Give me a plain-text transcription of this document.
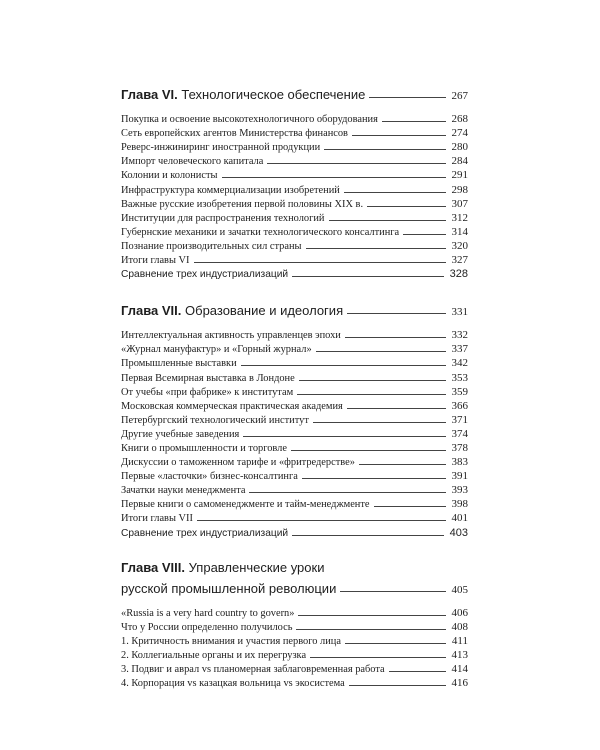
Глава VI. Технологическое обеспечение	267
Покупка и освоение высокотехнологичного оборудования	268
Сеть европейских агентов Министерства финансов	274
Реверс-инжиниринг иностранной продукции	280
Импорт человеческого капитала	284
Колонии и колонисты	291
Инфраструктура коммерциализации изобретений	298
Важные русские изобретения первой половины XIX в.	307
Институции для распространения технологий	312
Губернские механики и зачатки технологического консалтинга	314
Познание производительных сил страны	320
Итоги главы VI	327
Сравнение трех индустриализаций	328
Глава VII. Образование и идеология	331
Интеллектуальная активность управленцев эпохи	332
«Журнал мануфактур» и «Горный журнал»	337
Промышленные выставки	342
Первая Всемирная выставка в Лондоне	353
От учебы «при фабрике» к институтам	359
Московская коммерческая практическая академия	366
Петербургский технологический институт	371
Другие учебные заведения	374
Книги о промышленности и торговле	378
Дискуссии о таможенном тарифе и «фритредерстве»	383
Первые «ласточки» бизнес-консалтинга	391
Зачатки науки менеджмента	393
Первые книги о самоменеджменте и тайм-менеджменте	398
Итоги главы VII	401
Сравнение трех индустриализаций	403
Глава VIII. Управленческие уроки
русской промышленной революции	405
«Russia is a very hard country to govern»	406
Что у России определенно получилось	408
1. Критичность внимания и участия первого лица	411
2. Коллегиальные органы и их перегрузка	413
3. Подвиг и аврал vs планомерная заблаговременная работа	414
4. Корпорация vs казацкая вольница vs экосистема	416
